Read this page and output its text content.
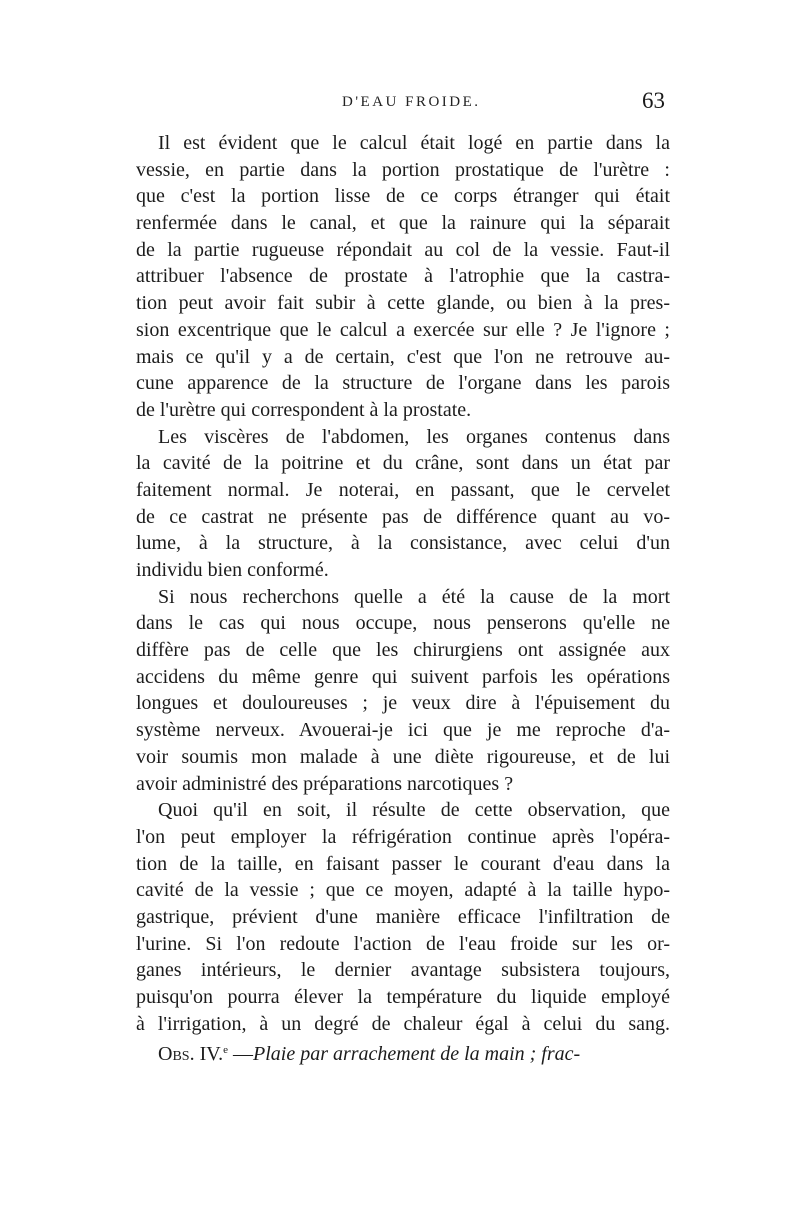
D'EAU FROIDE.	63
Il est évident que le calcul était logé en partie dans la
vessie, en partie dans la portion prostatique de l'urètre :
que c'est la portion lisse de ce corps étranger qui était
renfermée dans le canal, et que la rainure qui la séparait
de la partie rugueuse répondait au col de la vessie. Faut-il
attribuer l'absence de prostate à l'atrophie que la castra-
tion peut avoir fait subir à cette glande, ou bien à la pres-
sion excentrique que le calcul a exercée sur elle ? Je l'ignore ;
mais ce qu'il y a de certain, c'est que l'on ne retrouve au-
cune apparence de la structure de l'organe dans les parois
de l'urètre qui correspondent à la prostate.
Les viscères de l'abdomen, les organes contenus dans
la cavité de la poitrine et du crâne, sont dans un état par
faitement normal. Je noterai, en passant, que le cervelet
de ce castrat ne présente pas de différence quant au vo-
lume, à la structure, à la consistance, avec celui d'un
individu bien conformé.
Si nous recherchons quelle a été la cause de la mort
dans le cas qui nous occupe, nous penserons qu'elle ne
diffère pas de celle que les chirurgiens ont assignée aux
accidens du même genre qui suivent parfois les opérations
longues et douloureuses ; je veux dire à l'épuisement du
système nerveux. Avouerai-je ici que je me reproche d'a-
voir soumis mon malade à une diète rigoureuse, et de lui
avoir administré des préparations narcotiques ?
Quoi qu'il en soit, il résulte de cette observation, que
l'on peut employer la réfrigération continue après l'opéra-
tion de la taille, en faisant passer le courant d'eau dans la
cavité de la vessie ; que ce moyen, adapté à la taille hypo-
gastrique, prévient d'une manière efficace l'infiltration de
l'urine. Si l'on redoute l'action de l'eau froide sur les or-
ganes intérieurs, le dernier avantage subsistera toujours,
puisqu'on pourra élever la température du liquide employé
à l'irrigation, à un degré de chaleur égal à celui du sang.
Obs. IV.$^e$ —Plaie par arrachement de la main ; frac-
